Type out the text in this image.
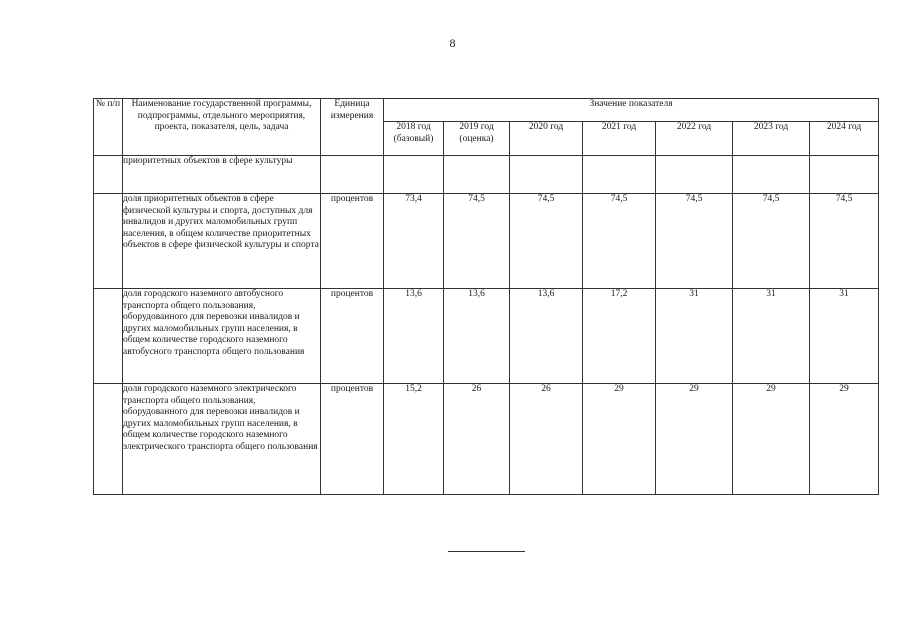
8
№ п/п	Наименование государственной программы, подпрограммы, отдельного мероприятия, проекта, показателя, цель, задача	Единица измерения	Значение показателя						
			2018 год (базовый)	2019 год (оценка)	2020 год	2021 год	2022 год	2023 год	2024 год
	приоритетных объектов в сфере культуры								
	доля приоритетных объектов в сфере физической культуры и спорта, доступных для инвалидов и других маломобильных групп населения, в общем количестве приоритетных объектов в сфере физической культуры и спорта	процентов	73,4	74,5	74,5	74,5	74,5	74,5	74,5
	доля городского наземного автобусного транспорта общего пользования, оборудованного для перевозки инвалидов и других маломобильных групп населения, в общем количестве городского наземного автобусного транспорта общего пользования	процентов	13,6	13,6	13,6	17,2	31	31	31
	доля городского наземного электрического транспорта общего пользования, оборудованного для перевозки инвалидов и других маломобильных групп населения, в общем количестве городского наземного электрического транспорта общего пользования	процентов	15,2	26	26	29	29	29	29
